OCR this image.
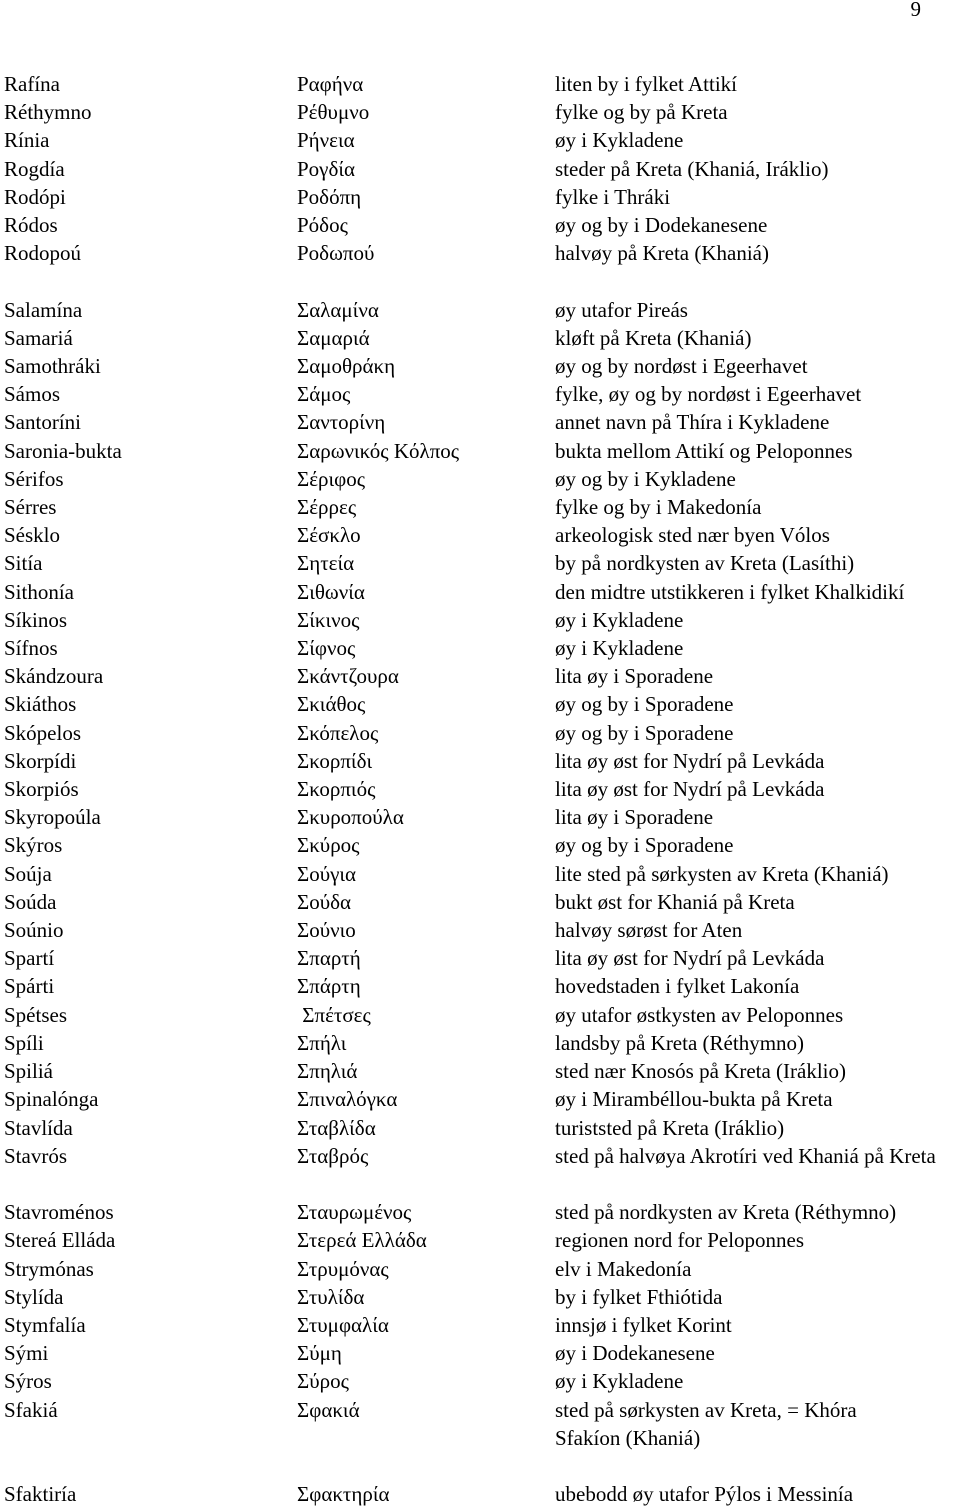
9
Rafína	Ραφήνα	liten by i fylket Attikí
Réthymno	Ρέθυμνο	fylke og by på Kreta
Rínia	Ρήνεια	øy i Kykladene
Rogdía	Ρογδία	steder på Kreta (Khaniá, Iráklio)
Rodópi	Ροδόπη	fylke i Thráki
Ródos	Ρόδος	øy og by i Dodekanesene
Rodopoú	Ροδωπού	halvøy på Kreta (Khaniá)
Salamína	Σαλαμίνα	øy utafor Pireás
Samariá	Σαμαριά	kløft på Kreta (Khaniá)
Samothráki	Σαμοθράκη	øy og by nordøst i Egeerhavet
Sámos	Σάμος	fylke, øy og by nordøst i Egeerhavet
Santoríni	Σαντορίνη	annet navn på Thíra i Kykladene
Saronia-bukta	Σαρωνικός Κόλπος	bukta mellom Attikí og Peloponnes
Sérifos	Σέριφος	øy og by i Kykladene
Sérres	Σέρρες	fylke og by i Makedonía
Sésklo	Σέσκλο	arkeologisk sted nær byen Vólos
Sitía	Σητεία	by på nordkysten av Kreta (Lasíthi)
Sithonía	Σιθωνία	den midtre utstikkeren i fylket Khalkidikí
Síkinos	Σίκινος	øy i Kykladene
Sífnos	Σίφνος	øy i Kykladene
Skándzoura	Σκάντζουρα	lita øy i Sporadene
Skiáthos	Σκιάθος	øy og by i Sporadene
Skópelos	Σκόπελος	øy og by i Sporadene
Skorpídi	Σκορπίδι	lita øy øst for Nydrí på Levkáda
Skorpiós	Σκορπιός	lita øy øst for Nydrí på Levkáda
Skyropoúla	Σκυροπούλα	lita øy i Sporadene
Skýros	Σκύρος	øy og by i Sporadene
Soúja	Σούγια	lite sted på sørkysten av Kreta (Khaniá)
Soúda	Σούδα	bukt øst for Khaniá på Kreta
Soúnio	Σούνιο	halvøy sørøst for Aten
Spartí	Σπαρτή	lita øy øst for Nydrí på Levkáda
Spárti	Σπάρτη	hovedstaden i fylket Lakonía
Spétses	Σπέτσες	øy utafor østkysten av Peloponnes
Spíli	Σπήλι	landsby på Kreta (Réthymno)
Spiliá	Σπηλιά	sted nær Knosós på Kreta (Iráklio)
Spinalónga	Σπιναλόγκα	øy i Mirambéllou-bukta på Kreta
Stavlída	Σταβλίδα	turiststed på Kreta (Iráklio)
Stavrós	Σταβρός	sted på halvøya Akrotíri ved Khaniá på Kreta
Stavroménos	Σταυρωμένος	sted på nordkysten av Kreta (Réthymno)
Stereá Elláda	Στερεά Ελλάδα	regionen nord for Peloponnes
Strymónas	Στρυμόνας	elv i Makedonía
Stylída	Στυλίδα	by i fylket Fthiótida
Stymfalía	Στυμφαλία	innsjø i fylket Korint
Sými	Σύμη	øy i Dodekanesene
Sýros	Σύρος	øy i Kykladene
Sfakiá	Σφακιά	sted på sørkysten av Kreta, = Khóra Sfakíon (Khaniá)
Sfaktiría	Σφακτηρία	ubebodd øy utafor Pýlos i Messinía
